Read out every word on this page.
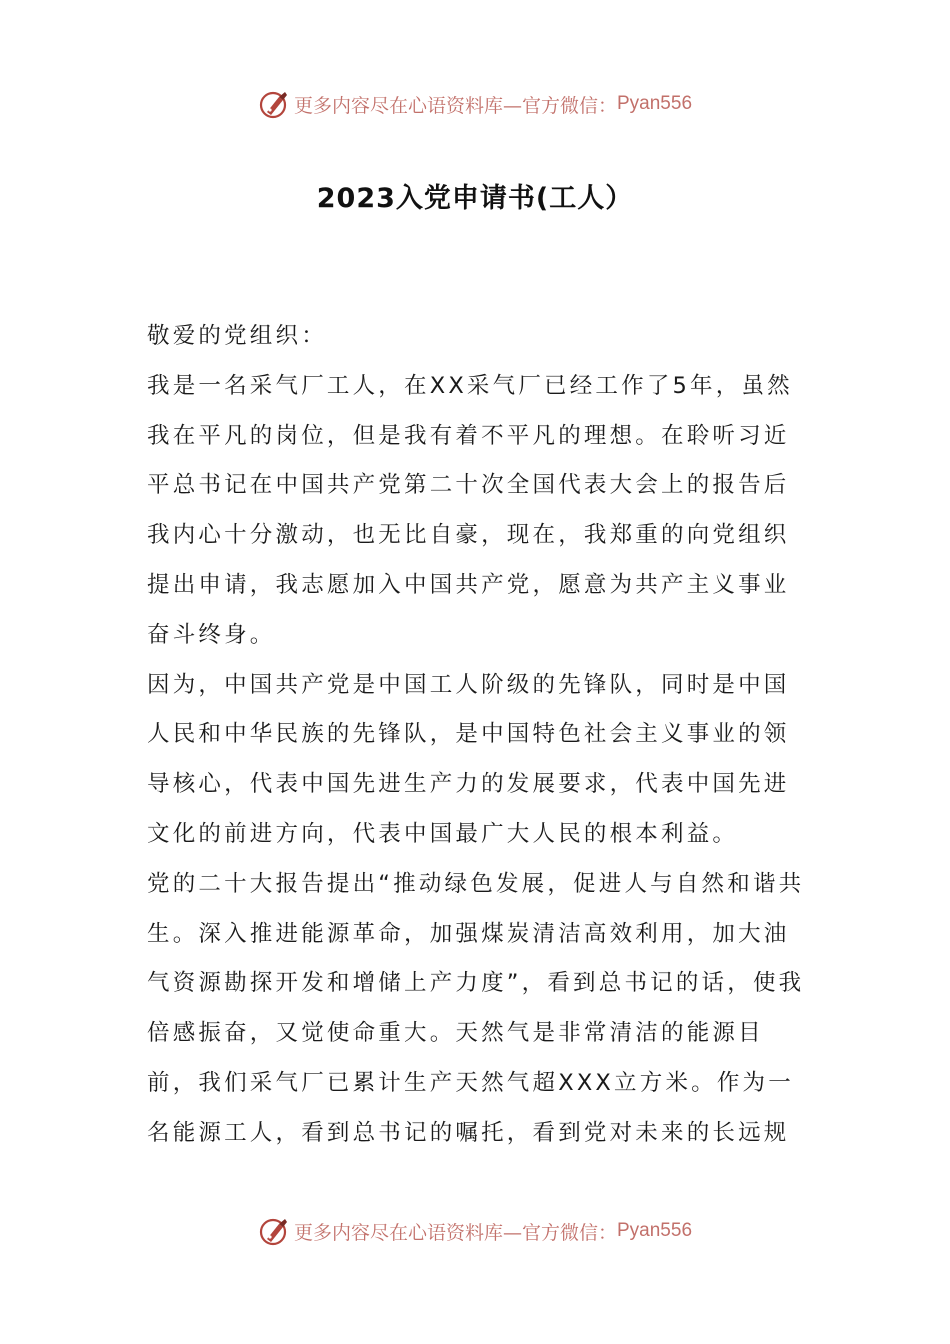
更多内容尽在心语资料库—官方微信： Pyan556
2023入党申请书(工人）

敬爱的党组织：

我是一名采气厂工人，在XX采气厂已经工作了5年，虽然我在平凡的岗位，但是我有着不平凡的理想。在聆听习近平总书记在中国共产党第二十次全国代表大会上的报告后我内心十分激动，也无比自豪，现在，我郑重的向党组织提出申请，我志愿加入中国共产党，愿意为共产主义事业奋斗终身。

因为，中国共产党是中国工人阶级的先锋队，同时是中国人民和中华民族的先锋队，是中国特色社会主义事业的领导核心，代表中国先进生产力的发展要求，代表中国先进文化的前进方向，代表中国最广大人民的根本利益。

党的二十大报告提出“推动绿色发展，促进人与自然和谐共生。深入推进能源革命，加强煤炭清洁高效利用，加大油气资源勘探开发和增储上产力度”，看到总书记的话，使我倍感振奋，又觉使命重大。天然气是非常清洁的能源目前，我们采气厂已累计生产天然气超XXX立方米。作为一名能源工人，看到总书记的嘱托，看到党对未来的长远规

更多内容尽在心语资料库—官方微信： Pyan556
